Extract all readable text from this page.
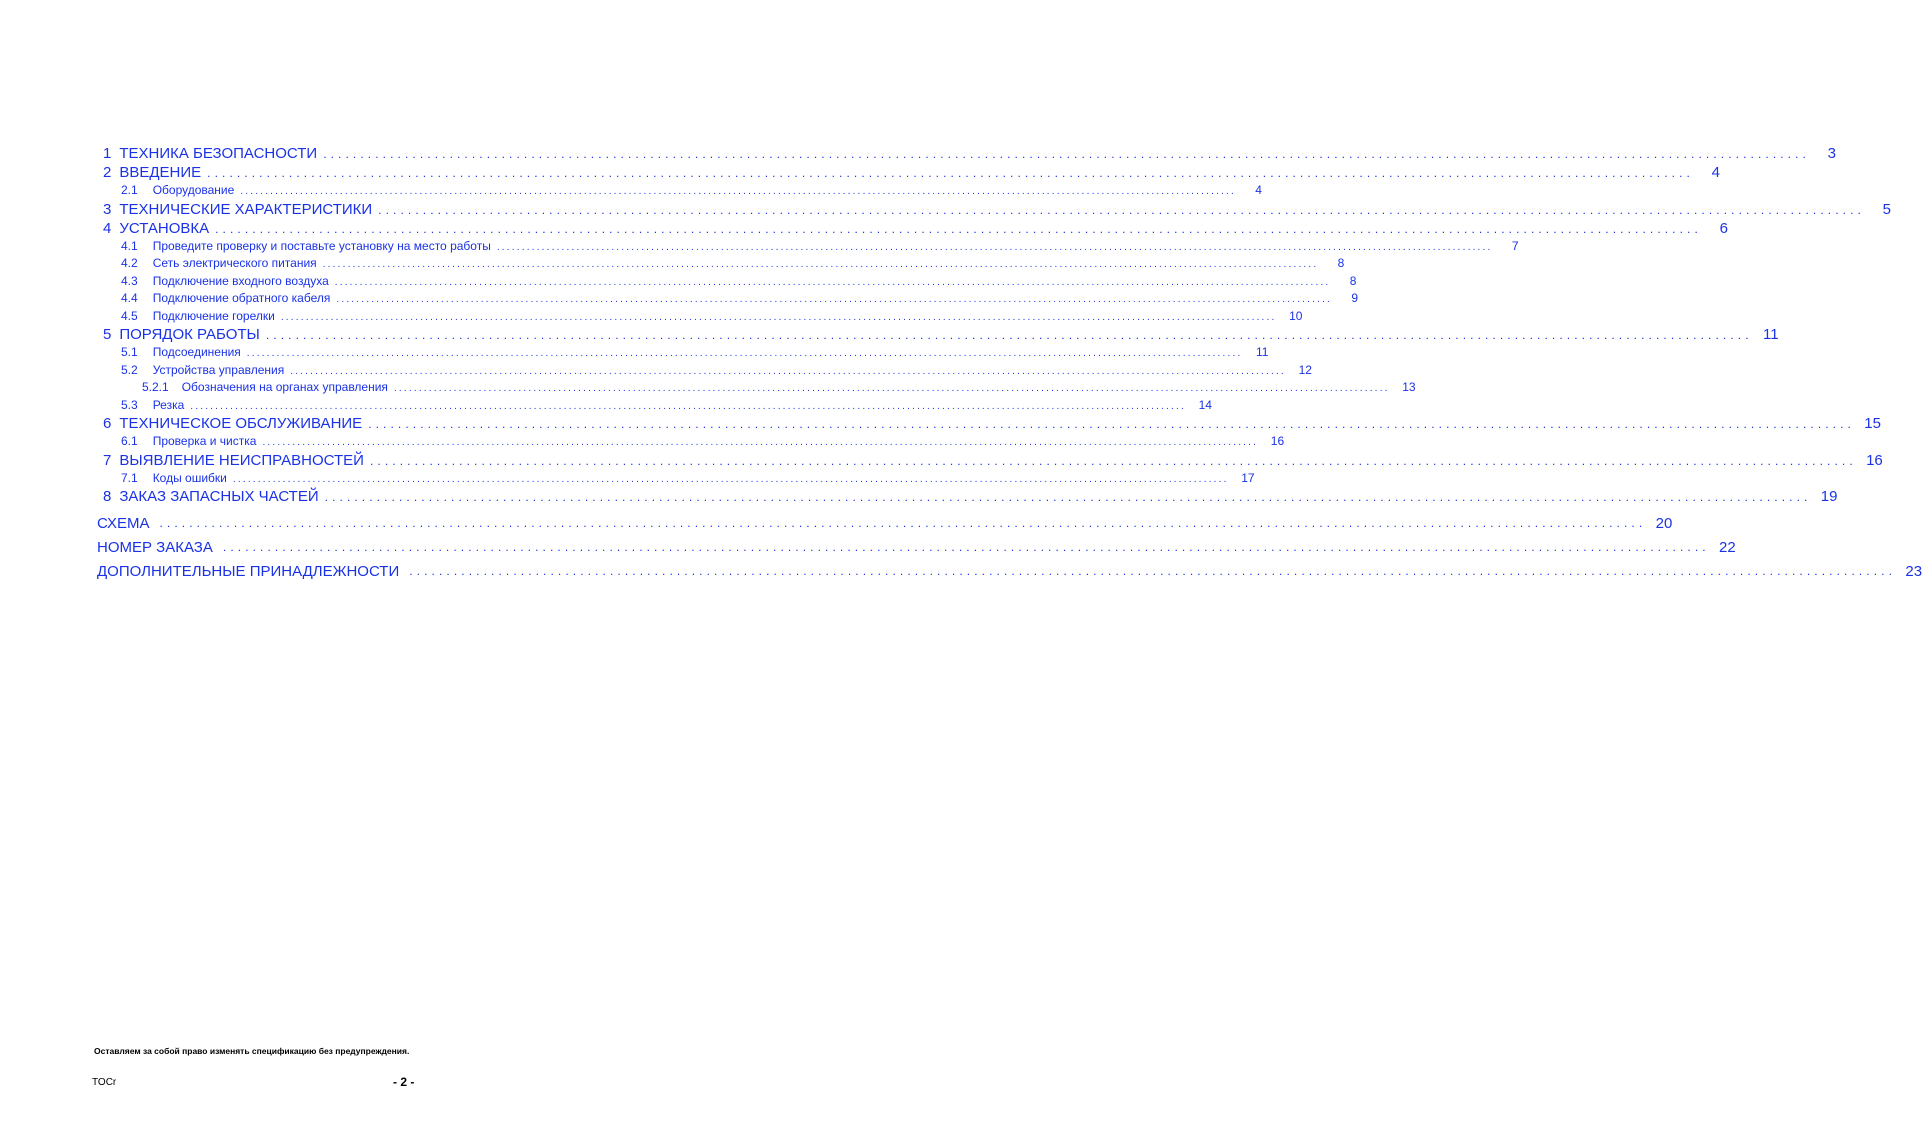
1 ТЕХНИКА БЕЗОПАСНОСТИ ........................................................................................................................................................................................................	3
2 ВВЕДЕНИЕ ........................................................................................................................................................................................................	4
2.1 Оборудование ........................................................................................................................................................................................................	4
3 ТЕХНИЧЕСКИЕ ХАРАКТЕРИСТИКИ ........................................................................................................................................................................................................	5
4 УСТАНОВКА ........................................................................................................................................................................................................	6
4.1 Проведите проверку и поставьте установку на место работы ........................................................................................................................................................................................................	7
4.2 Сеть электрического питания ........................................................................................................................................................................................................	8
4.3 Подключение входного воздуха ........................................................................................................................................................................................................	8
4.4 Подключение обратного кабеля ........................................................................................................................................................................................................	9
4.5 Подключение горелки ........................................................................................................................................................................................................	10
5 ПОРЯДОК РАБОТЫ ........................................................................................................................................................................................................ 11
5.1 Подсоединения ........................................................................................................................................................................................................	11
5.2 Устройства управления ........................................................................................................................................................................................................	12
5.2.1 Обозначения на органах управления ........................................................................................................................................................................................................	13
5.3 Резка ........................................................................................................................................................................................................	14
6 ТЕХНИЧЕСКОЕ ОБСЛУЖИВАНИЕ ........................................................................................................................................................................................................ 15
6.1 Проверка и чистка ........................................................................................................................................................................................................	16
7 ВЫЯВЛЕНИЕ НЕИСПРАВНОСТЕЙ ........................................................................................................................................................................................................ 16
7.1 Коды ошибки ........................................................................................................................................................................................................	17
8 ЗАКАЗ ЗАПАСНЫХ ЧАСТЕЙ ........................................................................................................................................................................................................ 19
СХЕМА ........................................................................................................................................................................................................ 20
НОМЕР ЗАКАЗА ........................................................................................................................................................................................................ 22
ДОПОЛНИТЕЛЬНЫЕ ПРИНАДЛЕЖНОСТИ ........................................................................................................................................................................................................ 23
Оставляем за собой право изменять спецификацию без предупреждения.
TOCr	- 2 -
